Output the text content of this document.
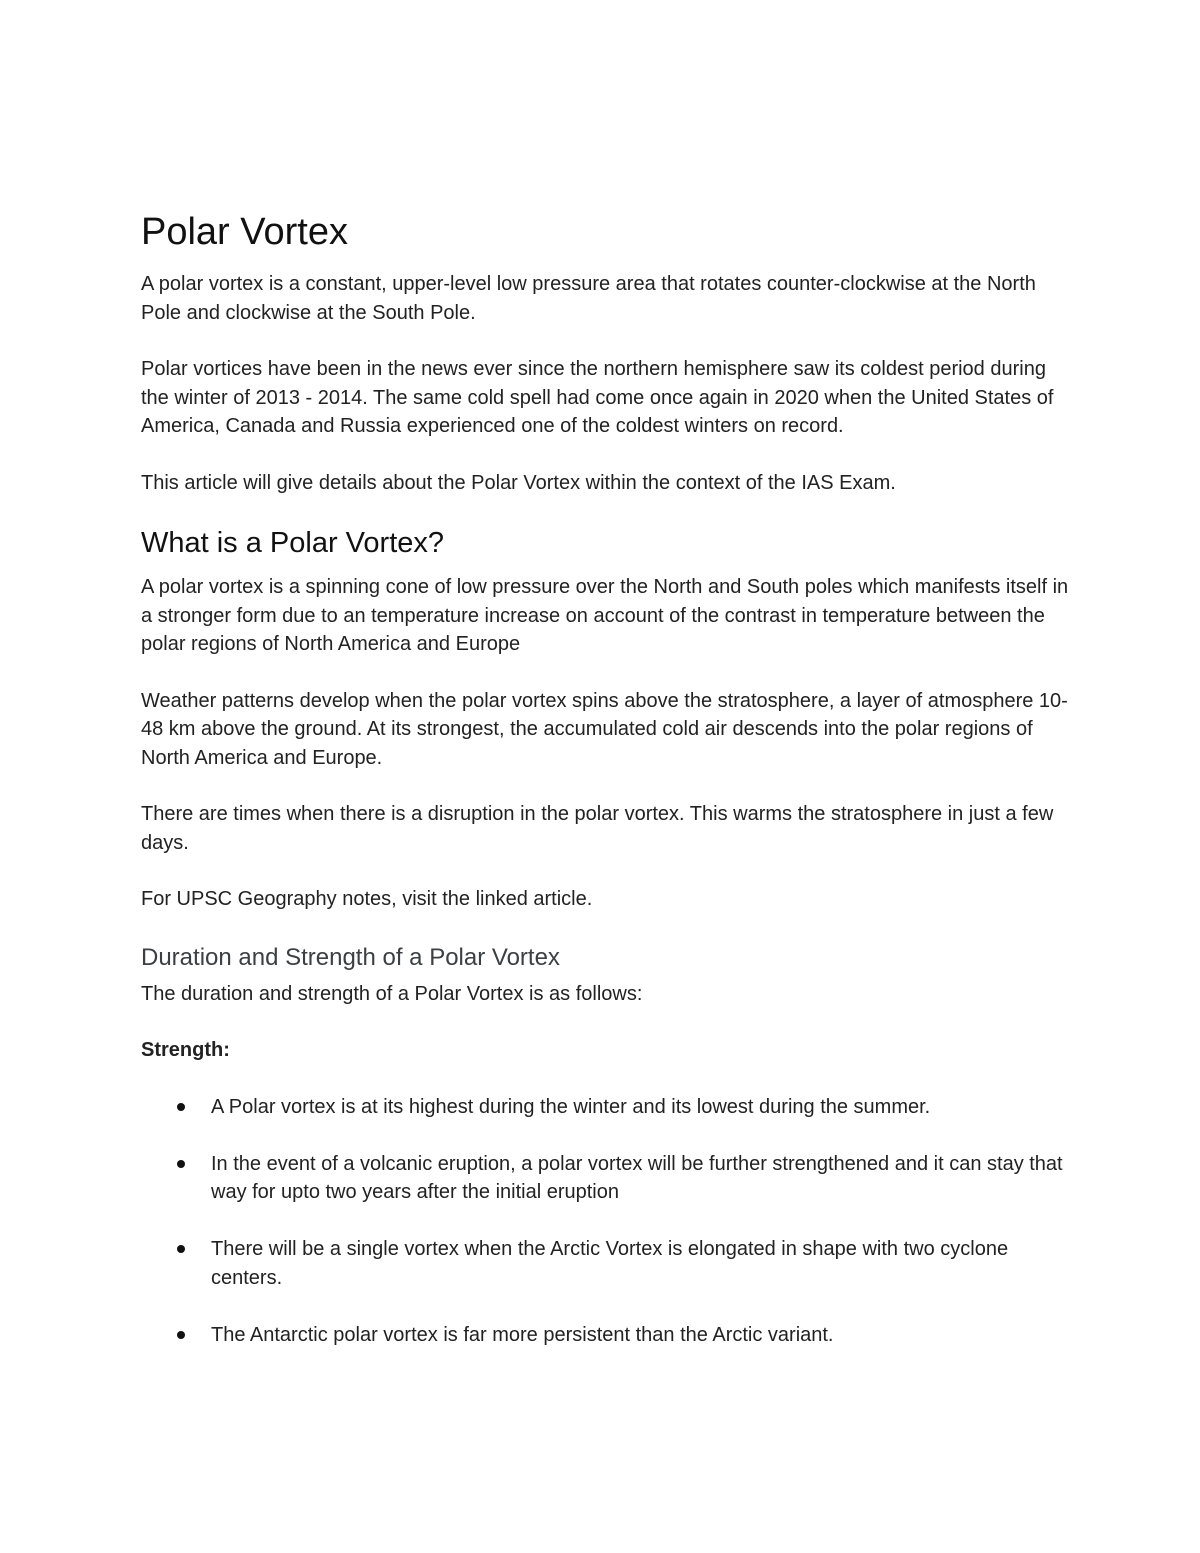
Polar Vortex

A polar vortex is a constant, upper-level low pressure area that rotates counter-clockwise at the North Pole and clockwise at the South Pole.

Polar vortices have been in the news ever since the northern hemisphere saw its coldest period during the winter of 2013 - 2014. The same cold spell had come once again in 2020 when the United States of America, Canada and Russia experienced one of the coldest winters on record.

This article will give details about the Polar Vortex within the context of the IAS Exam.

What is a Polar Vortex?

A polar vortex is a spinning cone of low pressure over the North and South poles which manifests itself in a stronger form due to an temperature increase on account of the contrast in temperature between the polar regions of North America and Europe

Weather patterns develop when the polar vortex spins above the stratosphere, a layer of atmosphere 10-48 km above the ground. At its strongest, the accumulated cold air descends into the polar regions of North America and Europe.

There are times when there is a disruption in the polar vortex. This warms the stratosphere in just a few days.

For UPSC Geography notes, visit the linked article.

Duration and Strength of a Polar Vortex

The duration and strength of a Polar Vortex is as follows:

Strength:

A Polar vortex is at its highest during the winter and its lowest during the summer.
In the event of a volcanic eruption, a polar vortex will be further strengthened and it can stay that way for upto two years after the initial eruption
There will be a single vortex when the Arctic Vortex is elongated in shape with two cyclone centers.
The Antarctic polar vortex is far more persistent than the Arctic variant.
